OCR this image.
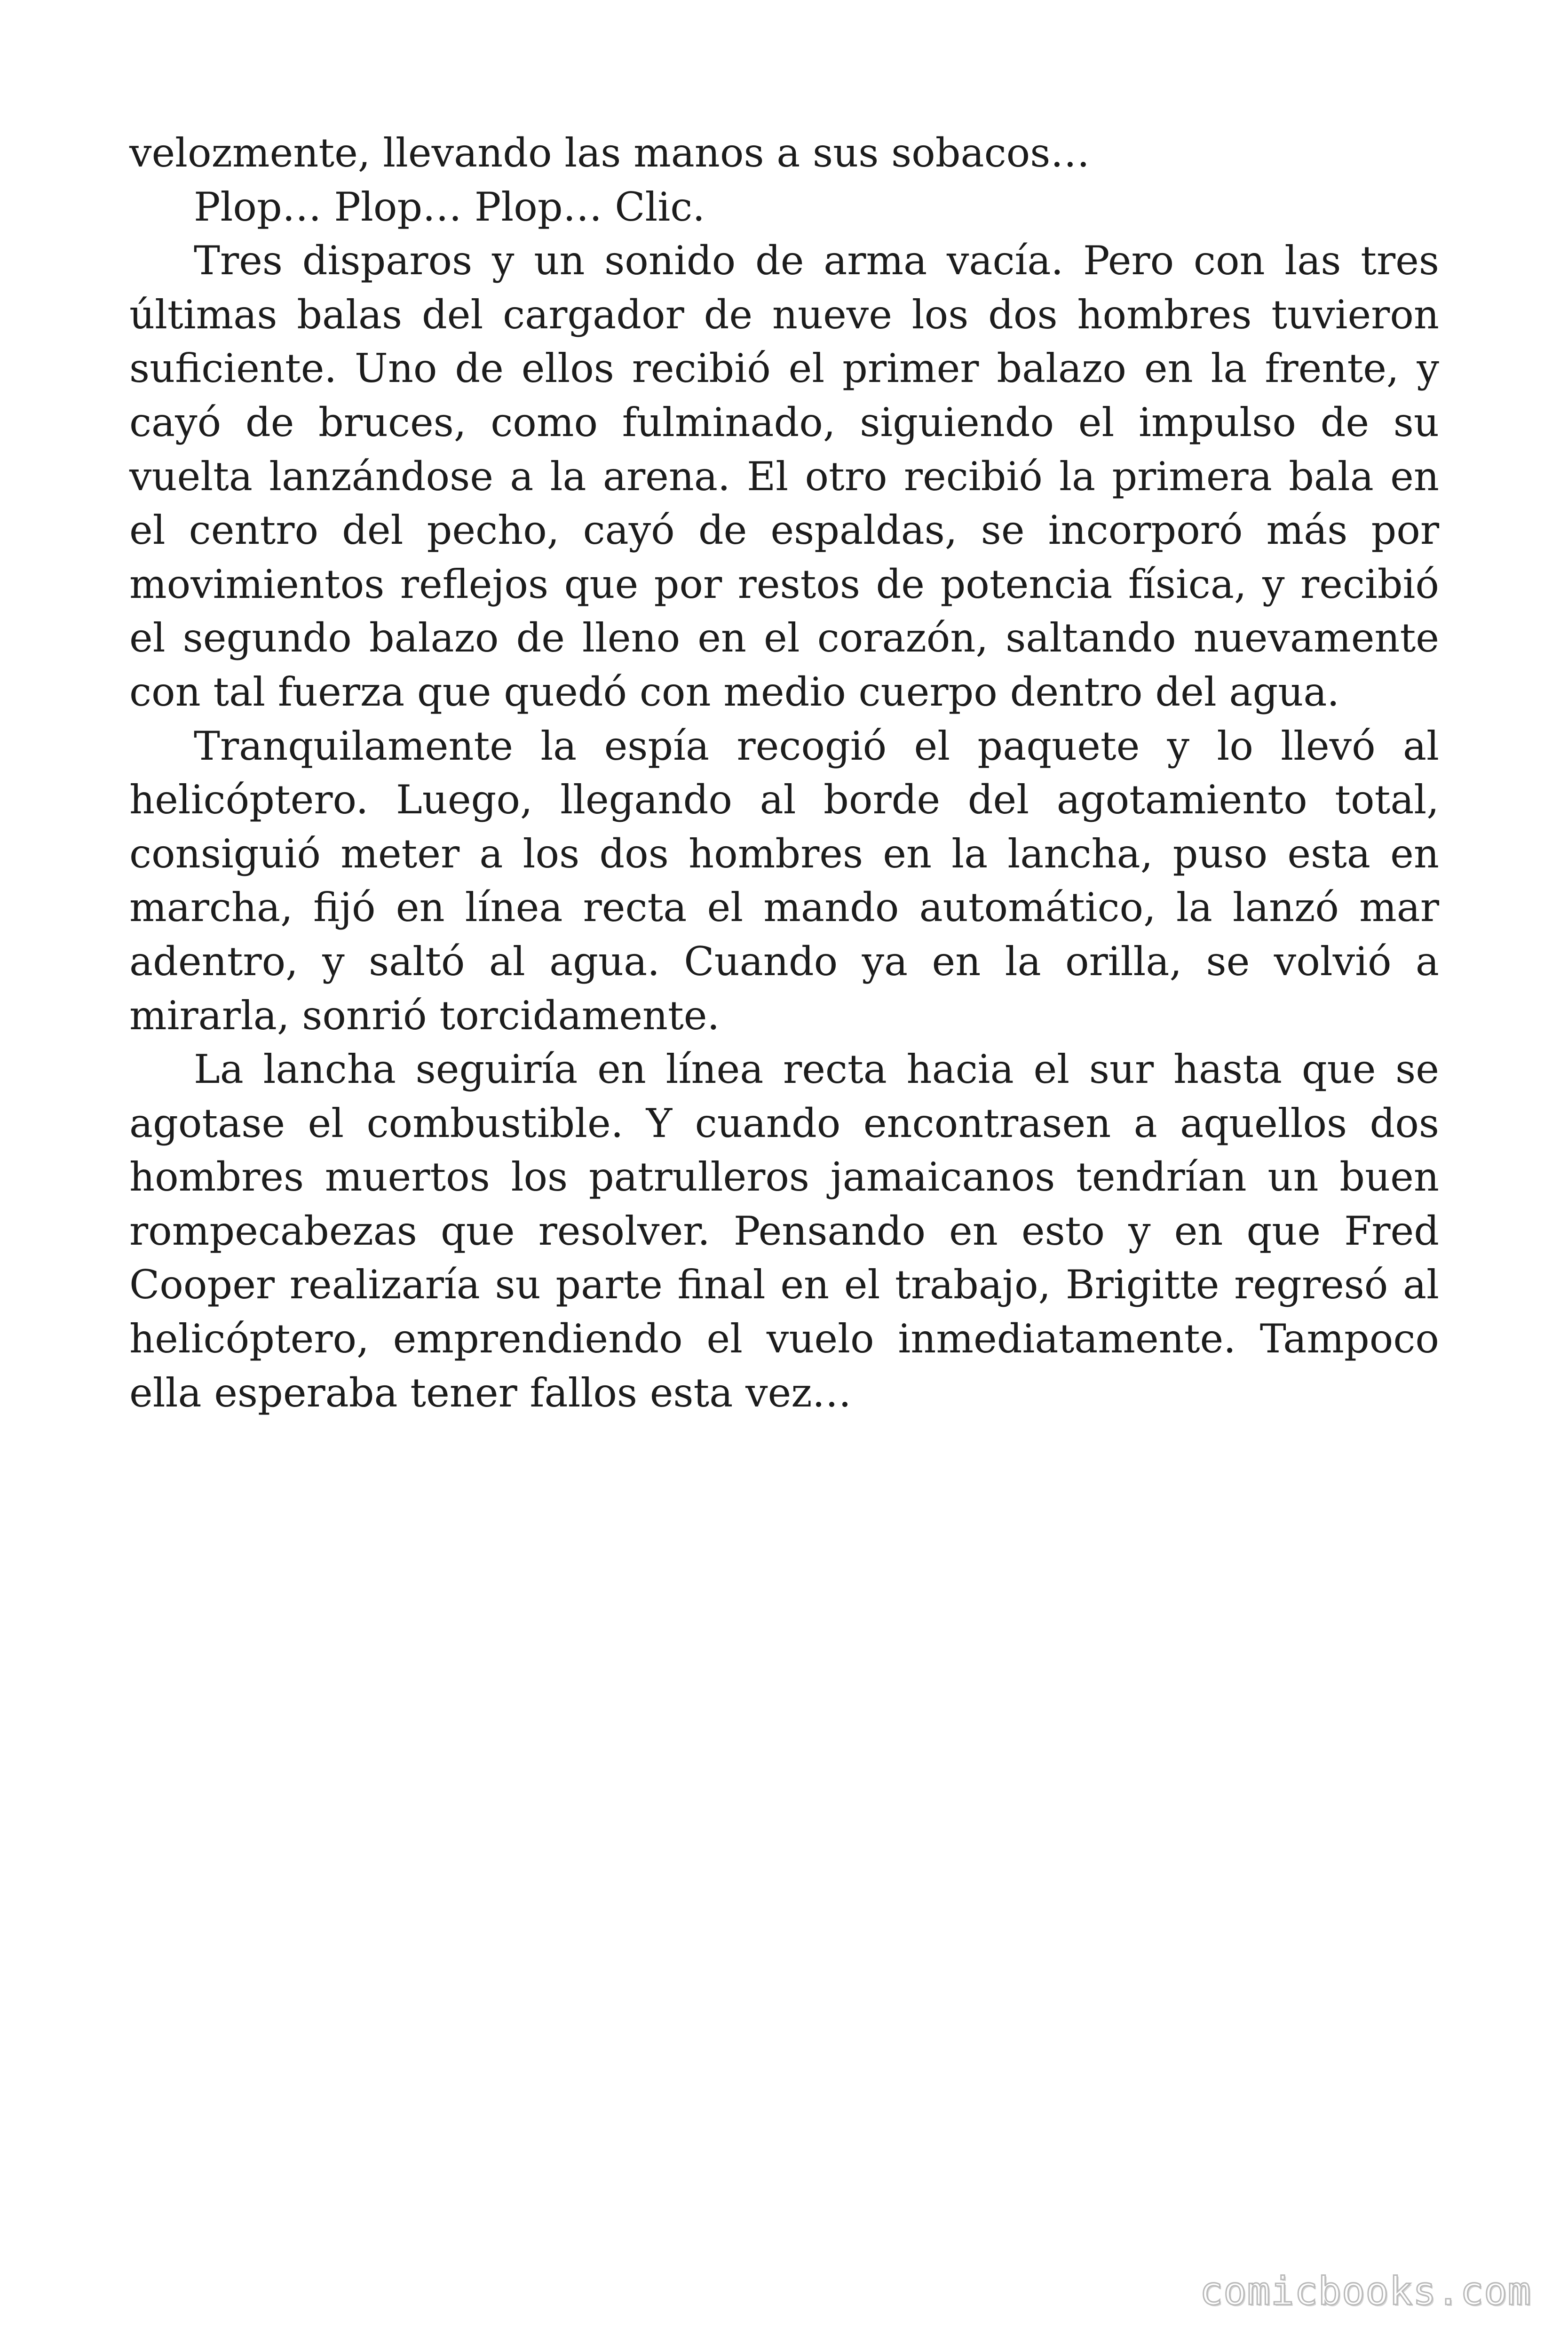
velozmente, llevando las manos a sus sobacos…

Plop… Plop… Plop… Clic.

Tres disparos y un sonido de arma vacía. Pero con las tres últimas balas del cargador de nueve los dos hombres tuvieron suficiente. Uno de ellos recibió el primer balazo en la frente, y cayó de bruces, como fulminado, siguiendo el impulso de su vuelta lanzándose a la arena. El otro recibió la primera bala en el centro del pecho, cayó de espaldas, se incorporó más por movimientos reflejos que por restos de potencia física, y recibió el segundo balazo de lleno en el corazón, saltando nuevamente con tal fuerza que quedó con medio cuerpo dentro del agua.

Tranquilamente la espía recogió el paquete y lo llevó al helicóptero. Luego, llegando al borde del agotamiento total, consiguió meter a los dos hombres en la lancha, puso esta en marcha, fijó en línea recta el mando automático, la lanzó mar adentro, y saltó al agua. Cuando ya en la orilla, se volvió a mirarla, sonrió torcidamente.

La lancha seguiría en línea recta hacia el sur hasta que se agotase el combustible. Y cuando encontrasen a aquellos dos hombres muertos los patrulleros jamaicanos tendrían un buen rompecabezas que resolver. Pensando en esto y en que Fred Cooper realizaría su parte final en el trabajo, Brigitte regresó al helicóptero, emprendiendo el vuelo inmediatamente. Tampoco ella esperaba tener fallos esta vez…

comicbooks.com
